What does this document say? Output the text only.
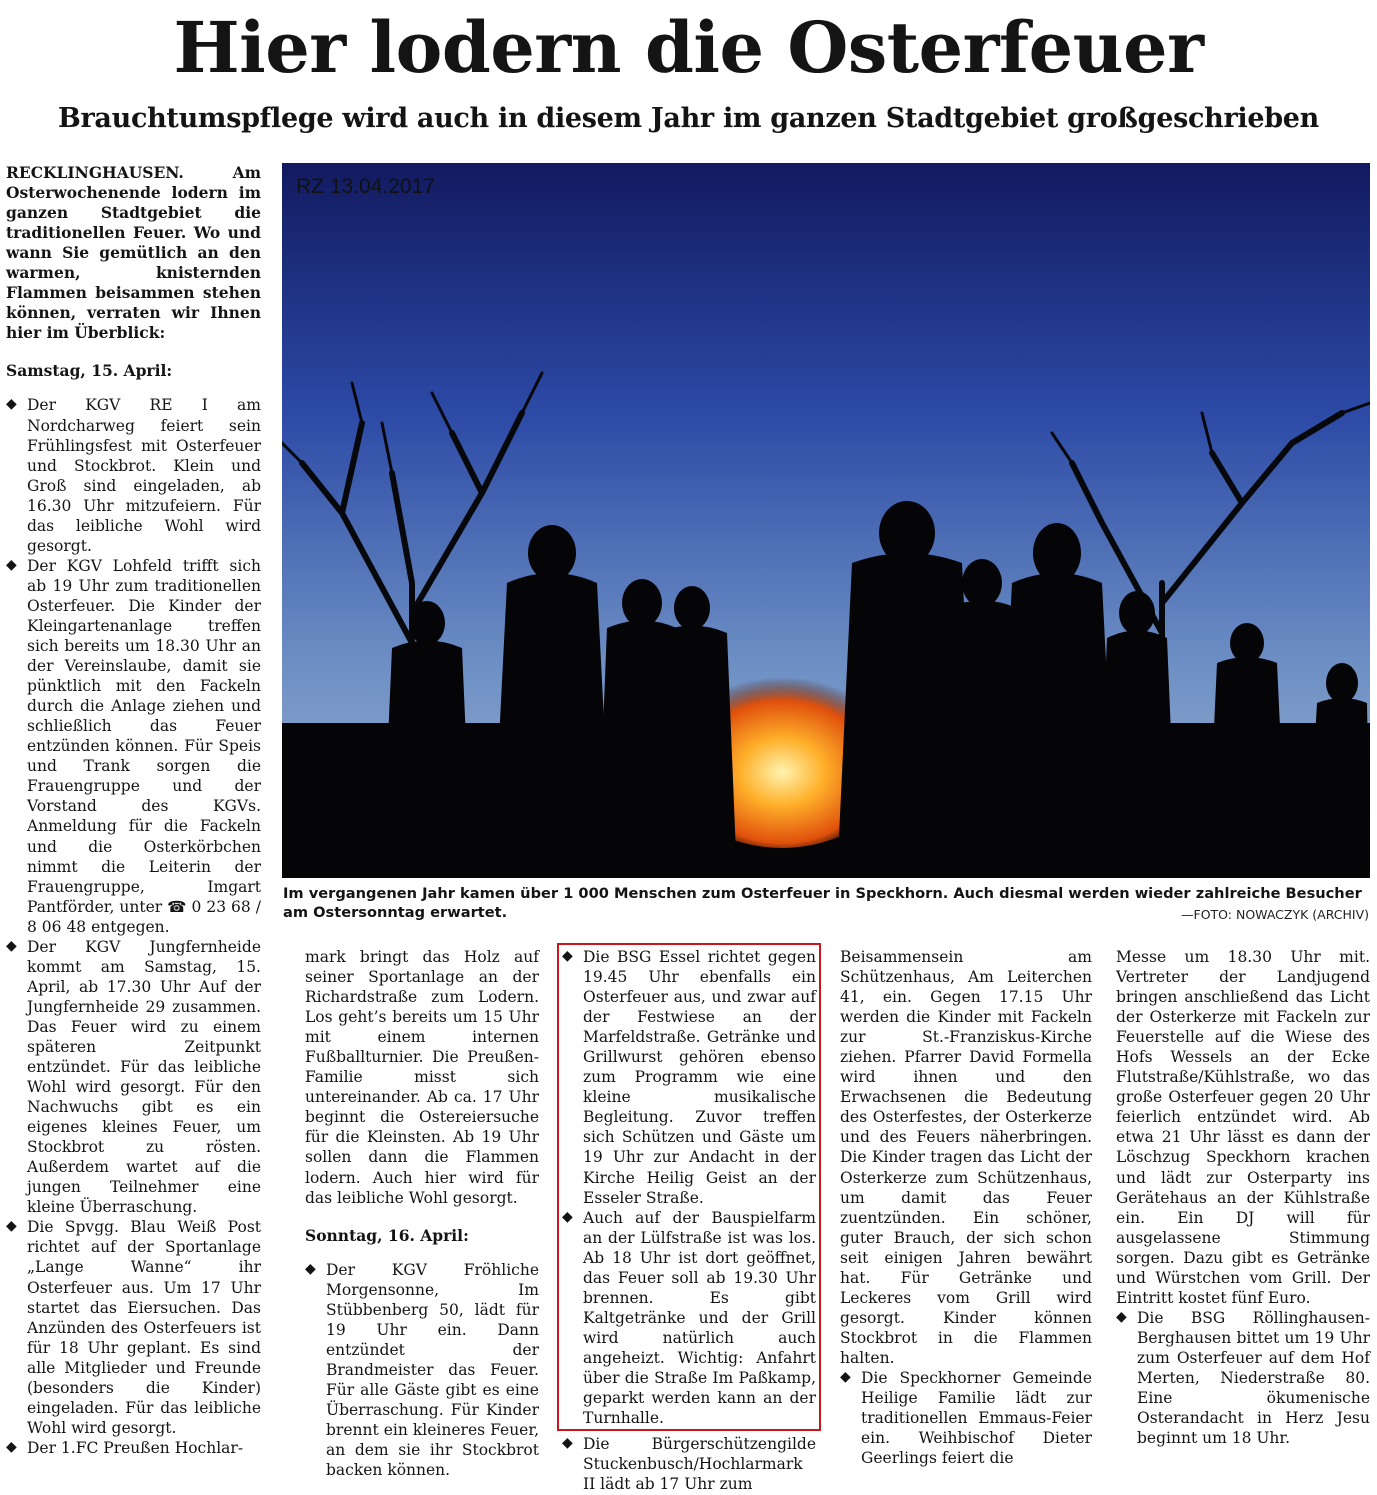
Hier lodern die Osterfeuer
Brauchtumspflege wird auch in diesem Jahr im ganzen Stadtgebiet großgeschrieben

RECKLINGHAUSEN. Am Osterwochenende lodern im ganzen Stadtgebiet die traditionellen Feuer. Wo und wann Sie gemütlich an den warmen, knisternden Flammen beisammen stehen können, verraten wir Ihnen hier im Überblick:

Samstag, 15. April:

◆ Der KGV RE I am Nordcharweg feiert sein Frühlingsfest mit Osterfeuer und Stockbrot. Klein und Groß sind eingeladen, ab 16.30 Uhr mitzufeiern. Für das leibliche Wohl wird gesorgt.

◆ Der KGV Lohfeld trifft sich ab 19 Uhr zum traditionellen Osterfeuer. Die Kinder der Kleingartenanlage treffen sich bereits um 18.30 Uhr an der Vereinslaube, damit sie pünktlich mit den Fackeln durch die Anlage ziehen und schließlich das Feuer entzünden können. Für Speis und Trank sorgen die Frauengruppe und der Vorstand des KGVs. Anmeldung für die Fackeln und die Osterkörbchen nimmt die Leiterin der Frauengruppe, Imgart Pantförder, unter ☎ 0 23 68 / 8 06 48 entgegen.

◆ Der KGV Jungfernheide kommt am Samstag, 15. April, ab 17.30 Uhr Auf der Jungfernheide 29 zusammen. Das Feuer wird zu einem späteren Zeitpunkt entzündet. Für das leibliche Wohl wird gesorgt. Für den Nachwuchs gibt es ein eigenes kleines Feuer, um Stockbrot zu rösten. Außerdem wartet auf die jungen Teilnehmer eine kleine Überraschung.

◆ Die Spvgg. Blau Weiß Post richtet auf der Sportanlage „Lange Wanne“ ihr Osterfeuer aus. Um 17 Uhr startet das Eiersuchen. Das Anzünden des Osterfeuers ist für 18 Uhr geplant. Es sind alle Mitglieder und Freunde (besonders die Kinder) eingeladen. Für das leibliche Wohl wird gesorgt.

◆ Der 1.FC Preußen Hochlar-

RZ 13.04.2017

Im vergangenen Jahr kamen über 1 000 Menschen zum Osterfeuer in Speckhorn. Auch diesmal werden wieder zahlreiche Besucher am Ostersonntag erwartet.	—FOTO: NOWACZYK (ARCHIV)

mark bringt das Holz auf seiner Sportanlage an der Richardstraße zum Lodern. Los geht’s bereits um 15 Uhr mit einem internen Fußballturnier. Die Preußen-Familie misst sich untereinander. Ab ca. 17 Uhr beginnt die Ostereiersuche für die Kleinsten. Ab 19 Uhr sollen dann die Flammen lodern. Auch hier wird für das leibliche Wohl gesorgt.

Sonntag, 16. April:

◆ Der KGV Fröhliche Morgensonne, Im Stübbenberg 50, lädt für 19 Uhr ein. Dann entzündet der Brandmeister das Feuer. Für alle Gäste gibt es eine Überraschung. Für Kinder brennt ein kleineres Feuer, an dem sie ihr Stockbrot backen können.

◆ Die BSG Essel richtet gegen 19.45 Uhr ebenfalls ein Osterfeuer aus, und zwar auf der Festwiese an der Marfeldstraße. Getränke und Grillwurst gehören ebenso zum Programm wie eine kleine musikalische Begleitung. Zuvor treffen sich Schützen und Gäste um 19 Uhr zur Andacht in der Kirche Heilig Geist an der Esseler Straße.

◆ Auch auf der Bauspielfarm an der Lülfstraße ist was los. Ab 18 Uhr ist dort geöffnet, das Feuer soll ab 19.30 Uhr brennen. Es gibt Kaltgetränke und der Grill wird natürlich auch angeheizt. Wichtig: Anfahrt über die Straße Im Paßkamp, geparkt werden kann an der Turnhalle.

◆ Die Bürgerschützengilde Stuckenbusch/Hochlarmark II lädt ab 17 Uhr zum

Beisammensein am Schützenhaus, Am Leiterchen 41, ein. Gegen 17.15 Uhr werden die Kinder mit Fackeln zur St.-Franziskus-Kirche ziehen. Pfarrer David Formella wird ihnen und den Erwachsenen die Bedeutung des Osterfestes, der Osterkerze und des Feuers näherbringen. Die Kinder tragen das Licht der Osterkerze zum Schützenhaus, um damit das Feuer zuentzünden. Ein schöner, guter Brauch, der sich schon seit einigen Jahren bewährt hat. Für Getränke und Leckeres vom Grill wird gesorgt. Kinder können Stockbrot in die Flammen halten.

◆ Die Speckhorner Gemeinde Heilige Familie lädt zur traditionellen Emmaus-Feier ein. Weihbischof Dieter Geerlings feiert die

Messe um 18.30 Uhr mit. Vertreter der Landjugend bringen anschließend das Licht der Osterkerze mit Fackeln zur Feuerstelle auf die Wiese des Hofs Wessels an der Ecke Flutstraße/Kühlstraße, wo das große Osterfeuer gegen 20 Uhr feierlich entzündet wird. Ab etwa 21 Uhr lässt es dann der Löschzug Speckhorn krachen und lädt zur Osterparty ins Gerätehaus an der Kühlstraße ein. Ein DJ will für ausgelassene Stimmung sorgen. Dazu gibt es Getränke und Würstchen vom Grill. Der Eintritt kostet fünf Euro.

◆ Die BSG Röllinghausen-Berghausen bittet um 19 Uhr zum Osterfeuer auf dem Hof Merten, Niederstraße 80. Eine ökumenische Osterandacht in Herz Jesu beginnt um 18 Uhr.
